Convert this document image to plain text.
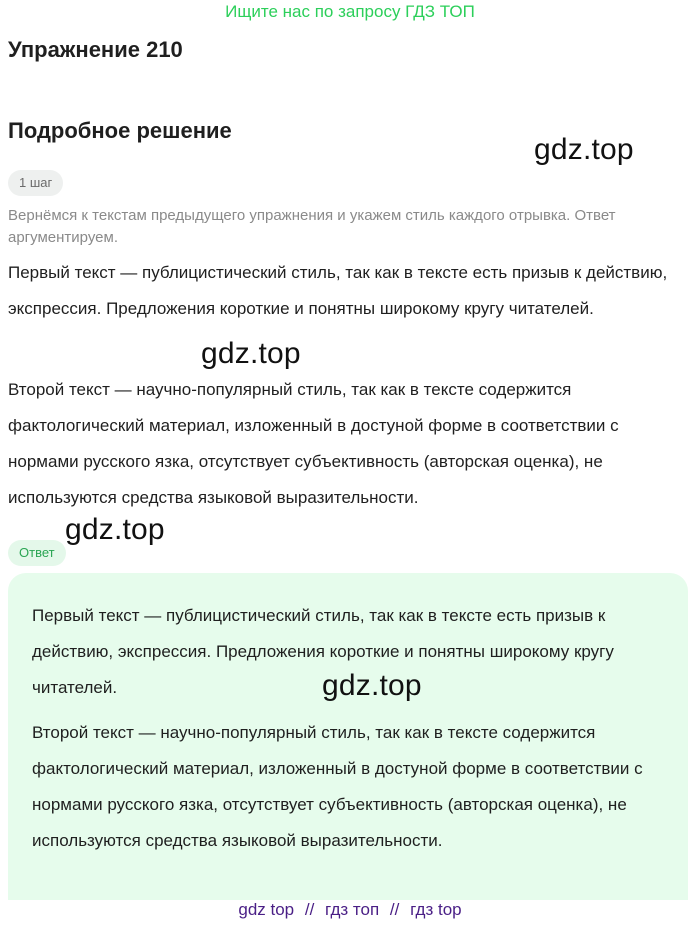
Ищите нас по запросу ГДЗ ТОП
Упражнение 210
Подробное решение
gdz.top
1 шаг

Вернёмся к текстам предыдущего упражнения и укажем стиль каждого отрывка. Ответ аргументируем.

Первый текст — публицистический стиль, так как в тексте есть призыв к действию, экспрессия. Предложения короткие и понятны широкому кругу читателей.

gdz.top

Второй текст — научно-популярный стиль, так как в тексте содержится фактологический материал, изложенный в достуной форме в соответствии с нормами русского язка, отсутствует субъективность (авторская оценка), не используются средства языковой выразительности.

gdz.top
Ответ

Первый текст — публицистический стиль, так как в тексте есть призыв к действию, экспрессия. Предложения короткие и понятны широкому кругу читателей.	gdz.top

Второй текст — научно-популярный стиль, так как в тексте содержится фактологический материал, изложенный в достуной форме в соответствии с нормами русского язка, отсутствует субъективность (авторская оценка), не используются средства языковой выразительности.

gdz top // гдз топ // гдз top
